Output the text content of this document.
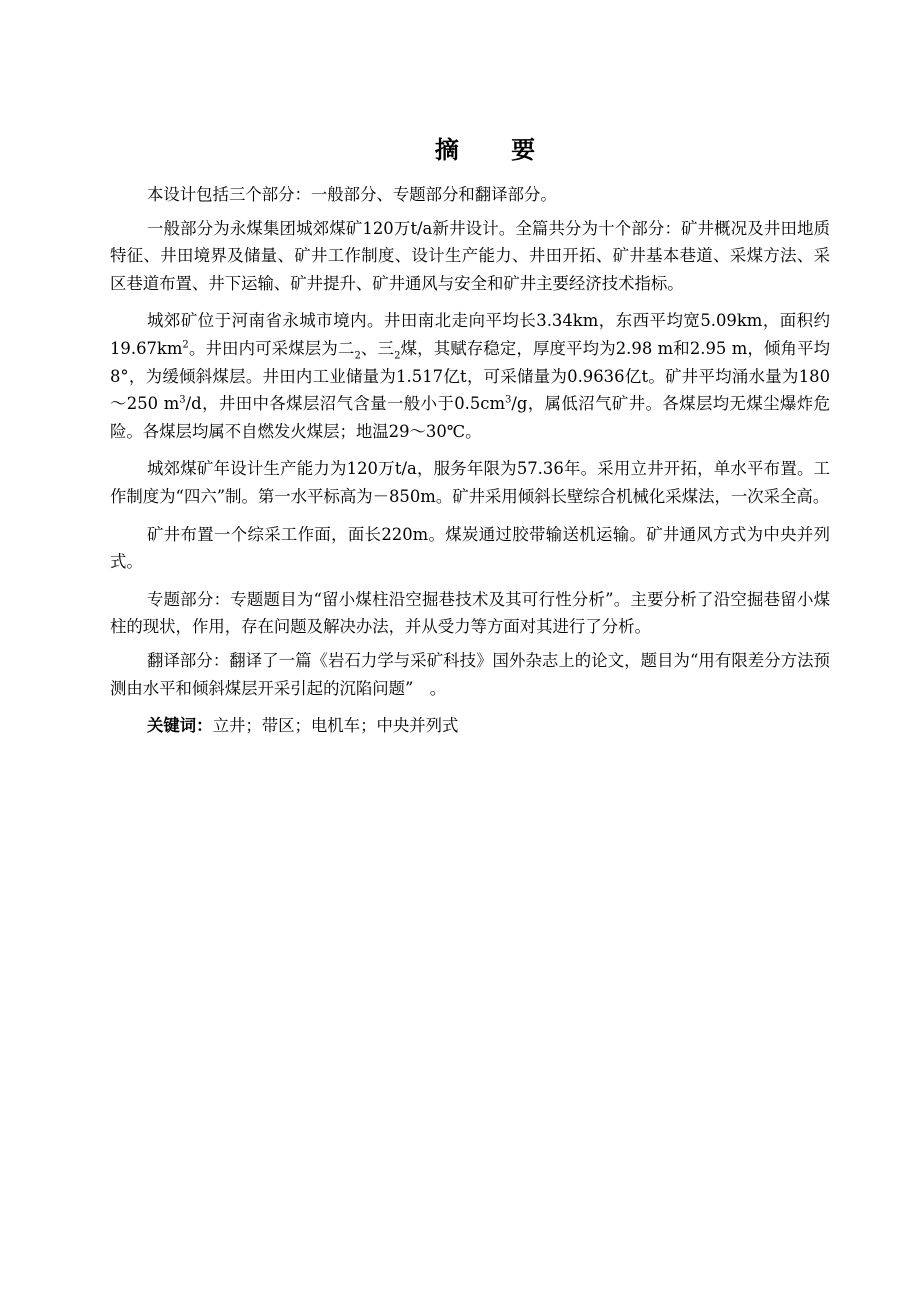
摘 要

本设计包括三个部分：一般部分、专题部分和翻译部分。

一般部分为永煤集团城郊煤矿120万t/a新井设计。全篇共分为十个部分：矿井概况及井田地质特征、井田境界及储量、矿井工作制度、设计生产能力、井田开拓、矿井基本巷道、采煤方法、采区巷道布置、井下运输、矿井提升、矿井通风与安全和矿井主要经济技术指标。

城郊矿位于河南省永城市境内。井田南北走向平均长3.34km，东西平均宽5.09km，面积约$19.67km^2$。井田内可采煤层为二$_2$、三$_2$煤，其赋存稳定，厚度平均为2.98 m和2.95 m，倾角平均8°，为缓倾斜煤层。井田内工业储量为1.517亿t，可采储量为0.9636亿t。矿井平均涌水量为180～250 $m^3/d$，井田中各煤层沼气含量一般小于$0.5cm^3/g$，属低沼气矿井。各煤层均无煤尘爆炸危险。各煤层均属不自燃发火煤层；地温29～30℃。

城郊煤矿年设计生产能力为120万t/a，服务年限为57.36年。采用立井开拓，单水平布置。工作制度为“四六”制。第一水平标高为－850m。矿井采用倾斜长壁综合机械化采煤法，一次采全高。

矿井布置一个综采工作面，面长220m。煤炭通过胶带输送机运输。矿井通风方式为中央并列式。

专题部分：专题题目为“留小煤柱沿空掘巷技术及其可行性分析”。主要分析了沿空掘巷留小煤柱的现状，作用，存在问题及解决办法，并从受力等方面对其进行了分析。

翻译部分：翻译了一篇《岩石力学与采矿科技》国外杂志上的论文，题目为“用有限差分方法预测由水平和倾斜煤层开采引起的沉陷问题”　。

关键词：立井；带区；电机车；中央并列式
